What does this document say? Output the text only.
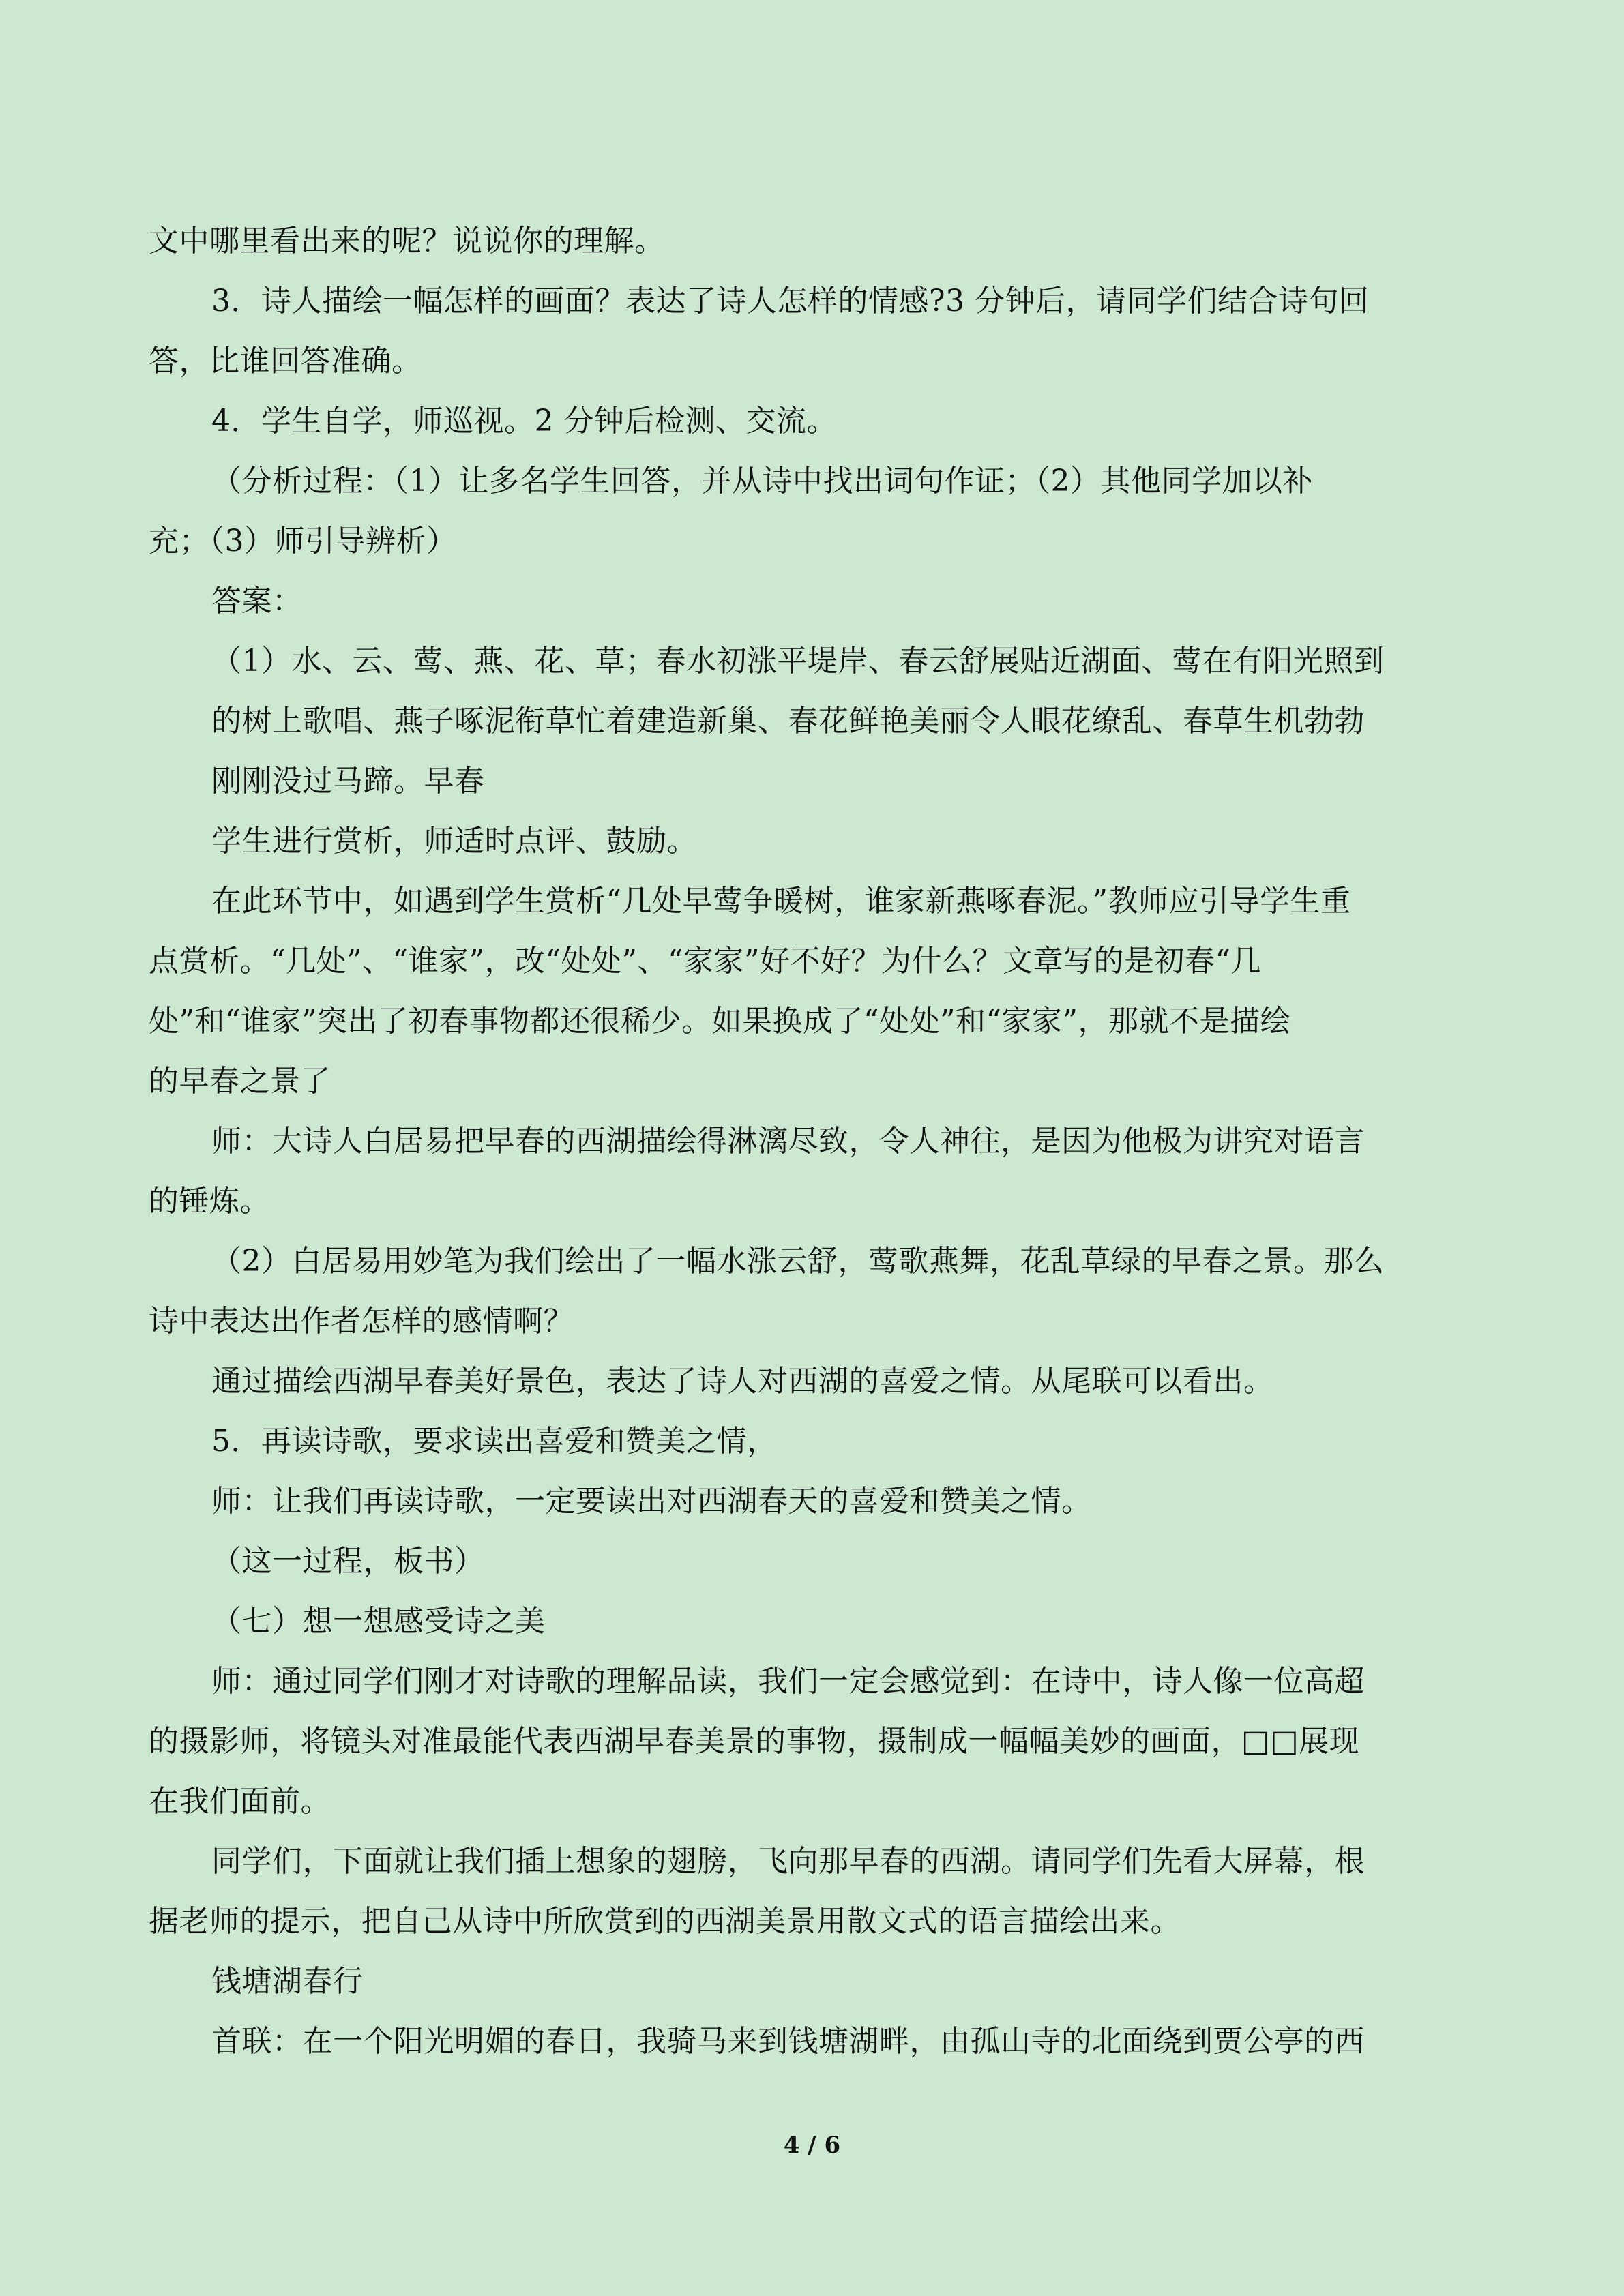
文中哪里看出来的呢？说说你的理解。
3．诗人描绘一幅怎样的画面？表达了诗人怎样的情感?3 分钟后，请同学们结合诗句回
答，比谁回答准确。
4．学生自学，师巡视。2 分钟后检测、交流。
（分析过程：（1）让多名学生回答，并从诗中找出词句作证；（2）其他同学加以补
充；（3）师引导辨析）
答案：
（1）水、云、莺、燕、花、草；春水初涨平堤岸、春云舒展贴近湖面、莺在有阳光照到
的树上歌唱、燕子啄泥衔草忙着建造新巢、春花鲜艳美丽令人眼花缭乱、春草生机勃勃
刚刚没过马蹄。早春
学生进行赏析，师适时点评、鼓励。
在此环节中，如遇到学生赏析“几处早莺争暖树，谁家新燕啄春泥。”教师应引导学生重
点赏析。“几处”、“谁家”，改“处处”、“家家”好不好？为什么？文章写的是初春“几
处”和“谁家”突出了初春事物都还很稀少。如果换成了“处处”和“家家”，那就不是描绘
的早春之景了
师：大诗人白居易把早春的西湖描绘得淋漓尽致，令人神往，是因为他极为讲究对语言
的锤炼。
（2）白居易用妙笔为我们绘出了一幅水涨云舒，莺歌燕舞，花乱草绿的早春之景。那么
诗中表达出作者怎样的感情啊？
通过描绘西湖早春美好景色，表达了诗人对西湖的喜爱之情。从尾联可以看出。
5．再读诗歌，要求读出喜爱和赞美之情，
师：让我们再读诗歌，一定要读出对西湖春天的喜爱和赞美之情。
（这一过程，板书）
（七）想一想感受诗之美
师：通过同学们刚才对诗歌的理解品读，我们一定会感觉到：在诗中，诗人像一位高超
的摄影师，将镜头对准最能代表西湖早春美景的事物，摄制成一幅幅美妙的画面，□□展现
在我们面前。
同学们，下面就让我们插上想象的翅膀，飞向那早春的西湖。请同学们先看大屏幕，根
据老师的提示，把自己从诗中所欣赏到的西湖美景用散文式的语言描绘出来。
钱塘湖春行
首联：在一个阳光明媚的春日，我骑马来到钱塘湖畔，由孤山寺的北面绕到贾公亭的西
4 / 6
